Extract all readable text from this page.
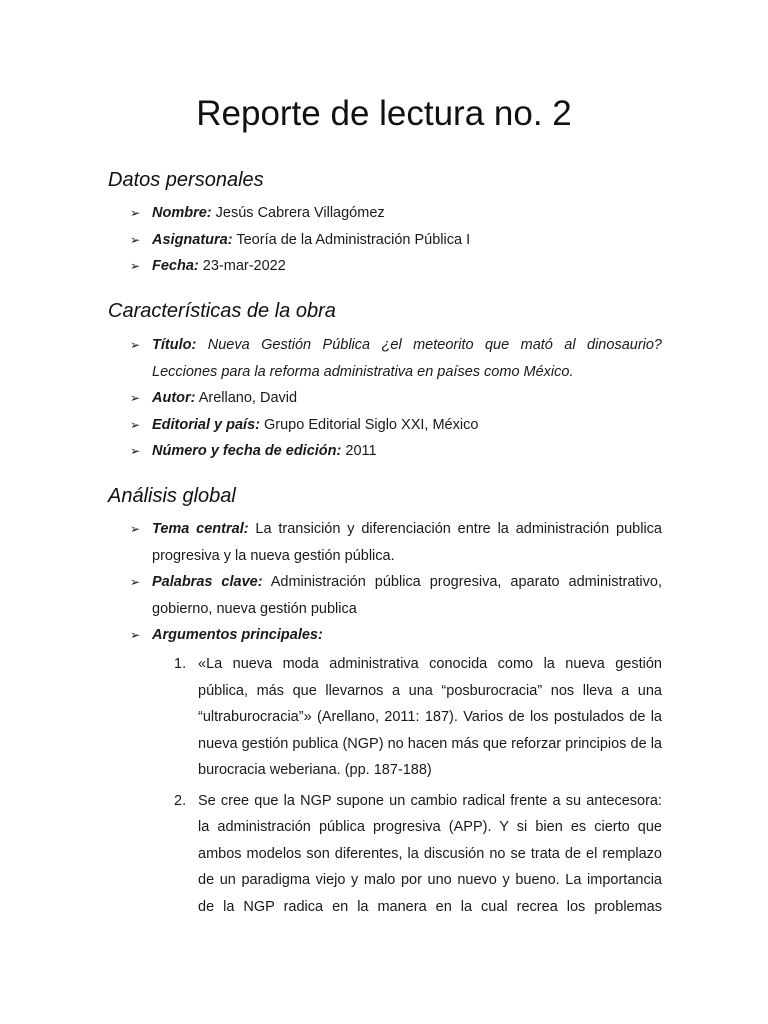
Reporte de lectura no. 2
Datos personales
➢ Nombre: Jesús Cabrera Villagómez
➢ Asignatura: Teoría de la Administración Pública I
➢ Fecha: 23-mar-2022
Características de la obra
➢ Título: Nueva Gestión Pública ¿el meteorito que mató al dinosaurio? Lecciones para la reforma administrativa en países como México.
➢ Autor: Arellano, David
➢ Editorial y país: Grupo Editorial Siglo XXI, México
➢ Número y fecha de edición: 2011
Análisis global
➢ Tema central: La transición y diferenciación entre la administración publica progresiva y la nueva gestión pública.
➢ Palabras clave: Administración pública progresiva, aparato administrativo, gobierno, nueva gestión publica
➢ Argumentos principales:
1. «La nueva moda administrativa conocida como la nueva gestión pública, más que llevarnos a una “posburocracia” nos lleva a una “ultraburocracia”» (Arellano, 2011: 187). Varios de los postulados de la nueva gestión publica (NGP) no hacen más que reforzar principios de la burocracia weberiana. (pp. 187-188)
2. Se cree que la NGP supone un cambio radical frente a su antecesora: la administración pública progresiva (APP). Y si bien es cierto que ambos modelos son diferentes, la discusión no se trata de el remplazo de un paradigma viejo y malo por uno nuevo y bueno. La importancia de la NGP radica en la manera en la cual recrea los problemas
